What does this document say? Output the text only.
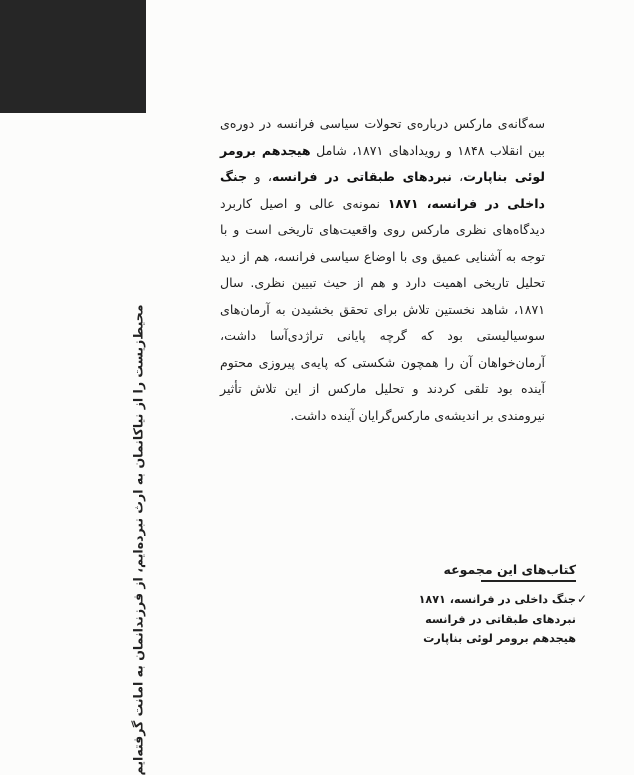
محیط‌زیست را از نیاکانمان به ارث نبرده‌ایم، از فرزندانمان به امانت گرفته‌ایم

سه‌گانه‌ی مارکس درباره‌ی تحولات سیاسی فرانسه در دوره‌ی بین انقلاب ۱۸۴۸ و رویدادهای ۱۸۷۱، شامل هیجدهم برومر لوئی بناپارت، نبردهای طبقاتی در فرانسه، و جنگ داخلی در فرانسه، ۱۸۷۱ نمونه‌ی عالی و اصیل کاربرد دیدگاه‌های نظری مارکس روی واقعیت‌های تاریخی است و با توجه به آشنایی عمیق وی با اوضاع سیاسی فرانسه، هم از دید تحلیل تاریخی اهمیت دارد و هم از حیث تبیین نظری. سال ۱۸۷۱، شاهد نخستین تلاش برای تحقق بخشیدن به آرمان‌های سوسیالیستی بود که گرچه پایانی تراژدی‌آسا داشت، آرمان‌خواهان آن را همچون شکستی که پایه‌ی پیروزی محتوم آینده بود تلقی کردند و تحلیل مارکس از این تلاش تأثیر نیرومندی بر اندیشه‌ی مارکس‌گرایان آینده داشت.

کتاب‌های این مجموعه
✓
جنگ داخلی در فرانسه، ۱۸۷۱
نبردهای طبقاتی در فرانسه
هیجدهم برومر لوئی بناپارت
